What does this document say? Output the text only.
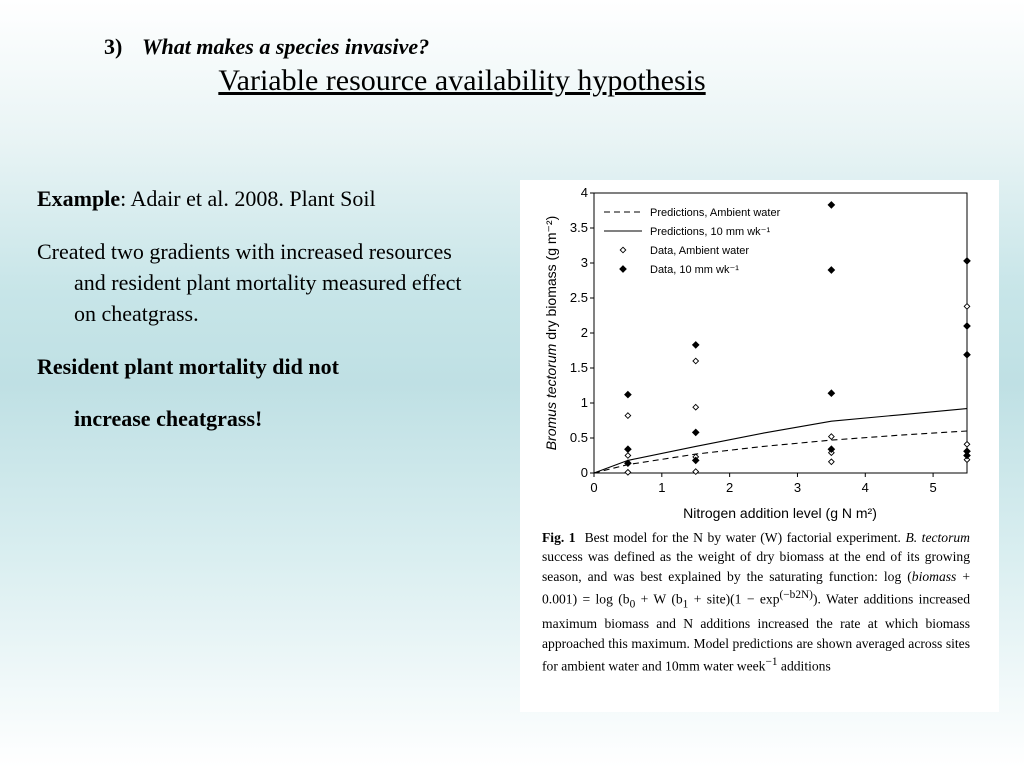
3) What makes a species invasive?
Variable resource availability hypothesis

Example: Adair et al. 2008. Plant Soil

Created two gradients with increased resources and resident plant mortality measured effect on cheatgrass.

Resident plant mortality did not
increase cheatgrass!

0	1	2	3	4	5
0
0.5
1
1.5
2
2.5
3
3.5
4
Predictions, Ambient water
Predictions, 10 mm wk⁻¹
Data, Ambient water
Data, 10 mm wk⁻¹
Nitrogen addition level (g N m²)
Bromus tectorum dry biomass (g m⁻²)
Fig. 1 Best model for the N by water (W) factorial experiment. B. tectorum success was defined as the weight of dry biomass at the end of its growing season, and was best explained by the saturating function: log (biomass + $0.001) = \log (b_0 + W$ ($b_1$ + site)(1 − $\exp^{(-b2N)}$). Water additions increased maximum biomass and N additions increased the rate at which biomass approached this maximum. Model predictions are shown averaged across sites for ambient water and 10mm water week$^{-1}$ additions
